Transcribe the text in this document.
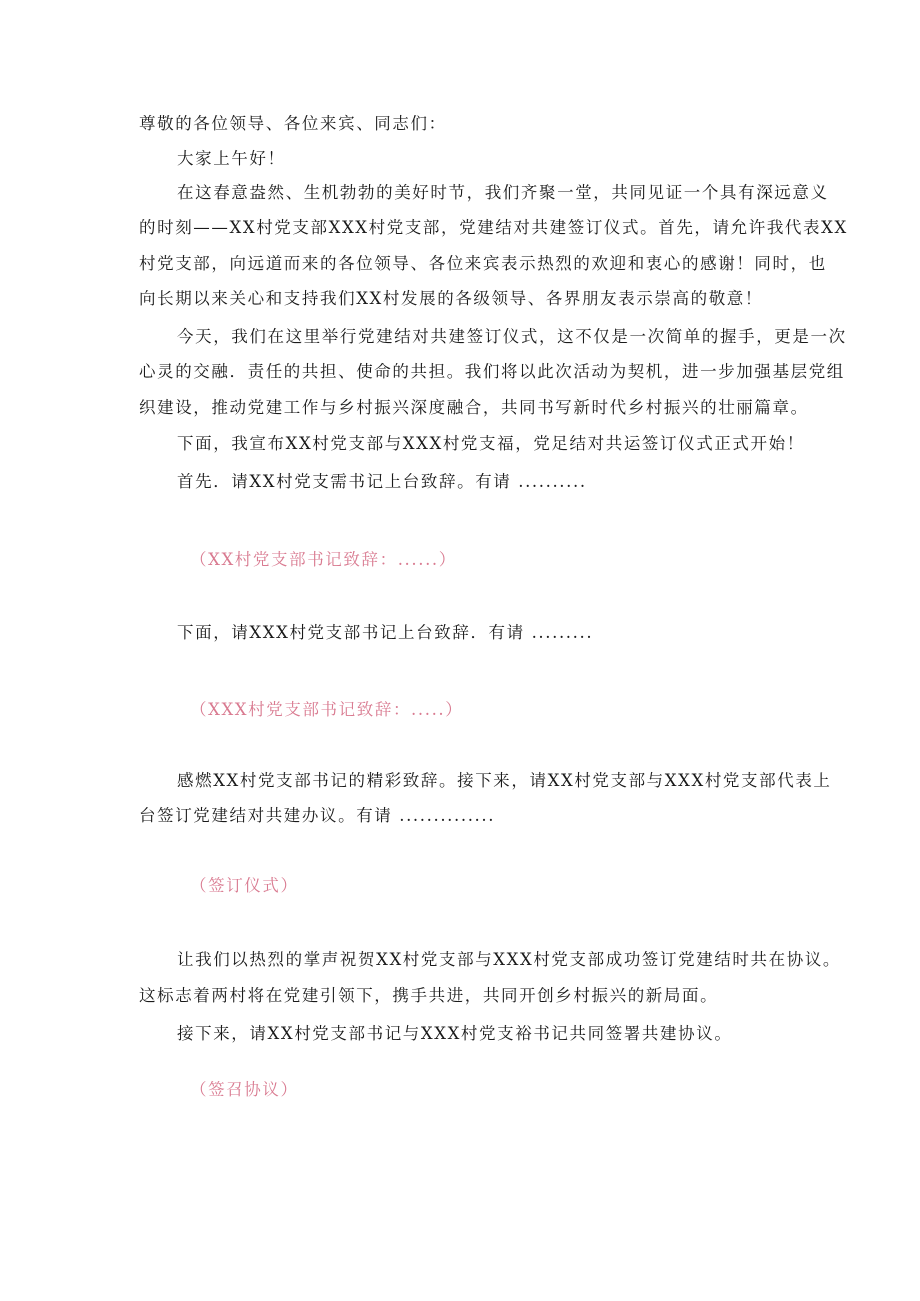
尊敬的各位领导、各位来宾、同志们：
大家上午好！
在这春意盎然、生机勃勃的美好时节，我们齐聚一堂，共同见证一个具有深远意义
的时刻——XX村党支部XXX村党支部，党建结对共建签订仪式。首先，请允许我代表XX
村党支部，向远道而来的各位领导、各位来宾表示热烈的欢迎和衷心的感谢！同时，也
向长期以来关心和支持我们XX村发展的各级领导、各界朋友表示崇高的敬意！
今天，我们在这里举行党建结对共建签订仪式，这不仅是一次简单的握手，更是一次
心灵的交融．责任的共担、使命的共担。我们将以此次活动为契机，进一步加强基层党组
织建设，推动党建工作与乡村振兴深度融合，共同书写新时代乡村振兴的壮丽篇章。
下面，我宣布XX村党支部与XXX村党支福，党足结对共运签订仪式正式开始！
首先．请XX村党支需书记上台致辞。有请 ..........
（XX村党支部书记致辞：......）
下面，请XXX村党支部书记上台致辞．有请 .........
（XXX村党支部书记致辞：.....）
感燃XX村党支部书记的精彩致辞。接下来，请XX村党支部与XXX村党支部代表上
台签订党建结对共建办议。有请 ..............
（签订仪式）
让我们以热烈的掌声祝贺XX村党支部与XXX村党支部成功签订党建结时共在协议。
这标志着两村将在党建引领下，携手共进，共同开创乡村振兴的新局面。
接下来，请XX村党支部书记与XXX村党支裕书记共同签署共建协议。
（签召协议）
